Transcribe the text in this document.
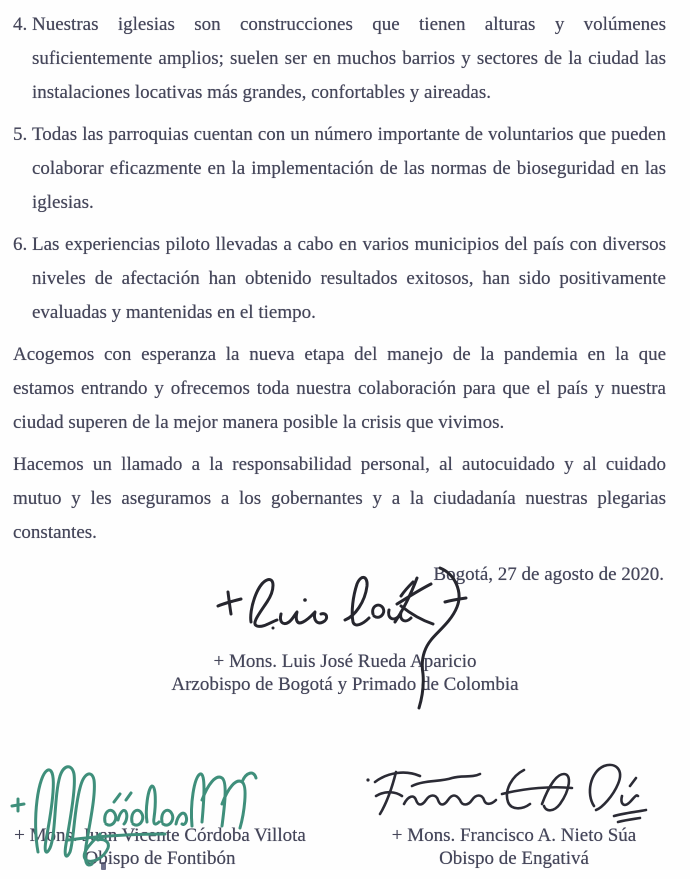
4. Nuestras iglesias son construcciones que tienen alturas y volúmenes suficientemente amplios; suelen ser en muchos barrios y sectores de la ciudad las instalaciones locativas más grandes, confortables y aireadas.
5. Todas las parroquias cuentan con un número importante de voluntarios que pueden colaborar eficazmente en la implementación de las normas de bioseguridad en las iglesias.
6. Las experiencias piloto llevadas a cabo en varios municipios del país con diversos niveles de afectación han obtenido resultados exitosos, han sido positivamente evaluadas y mantenidas en el tiempo.

Acogemos con esperanza la nueva etapa del manejo de la pandemia en la que estamos entrando y ofrecemos toda nuestra colaboración para que el país y nuestra ciudad superen de la mejor manera posible la crisis que vivimos.

Hacemos un llamado a la responsabilidad personal, al autocuidado y al cuidado mutuo y les aseguramos a los gobernantes y a la ciudadanía nuestras plegarias constantes.

Bogotá, 27 de agosto de 2020.

+ Mons. Luis José Rueda Aparicio
Arzobispo de Bogotá y Primado de Colombia
+ Mons. Juan Vicente Córdoba Villota
Obispo de Fontibón
+ Mons. Francisco A. Nieto Súa
Obispo de Engativá
